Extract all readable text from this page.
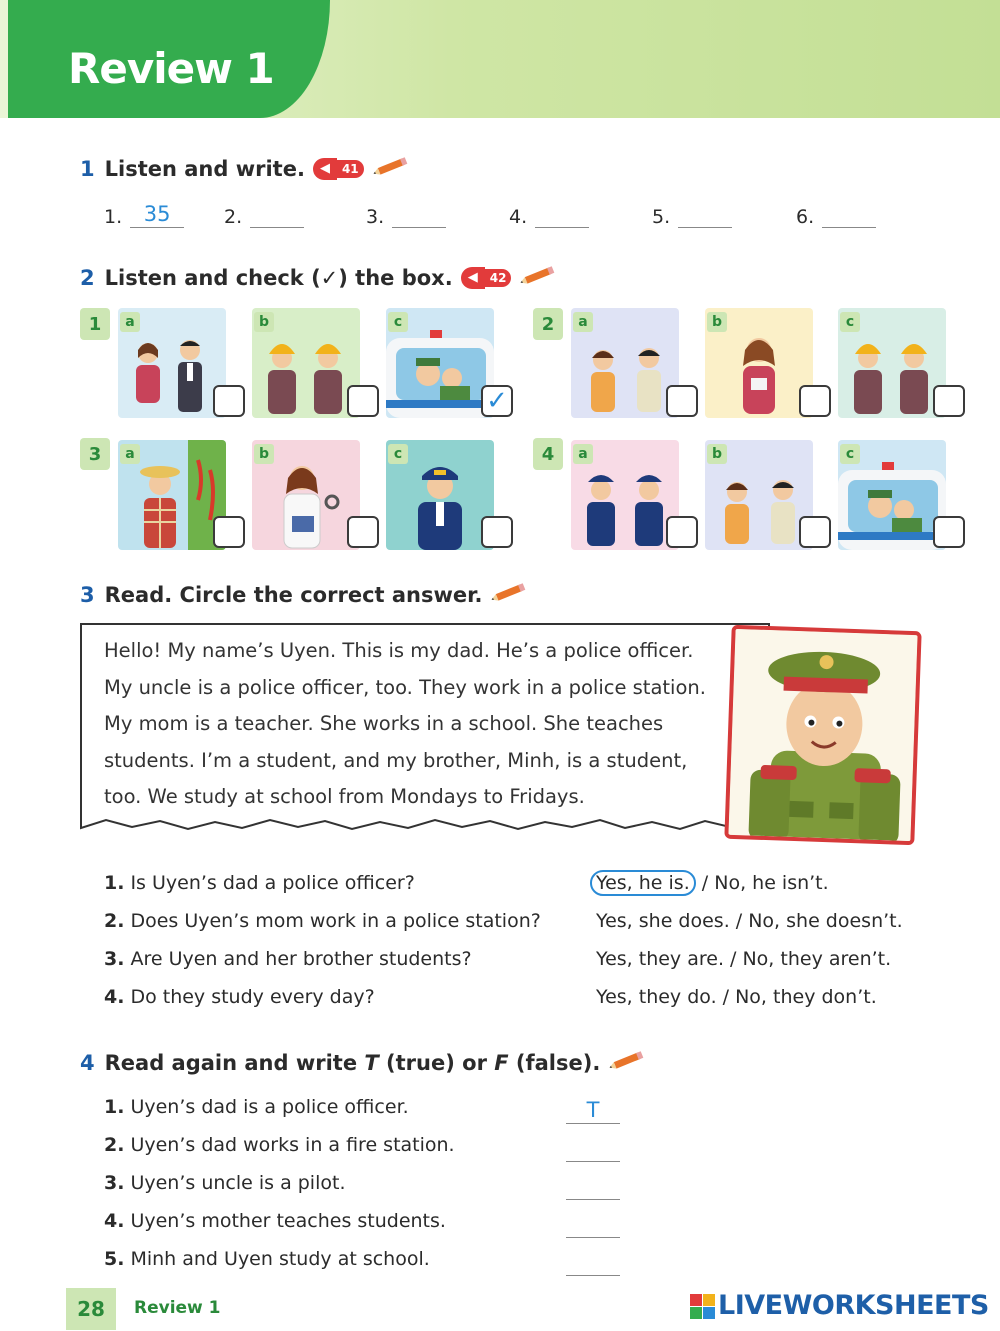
Review 1
1 Listen and write.	◀	41
1.	35	2.	3.	4.	5.	6.
2 Listen and check (✓) the box.	◀	42
1	2
3	4
a	b	c
✓
a	b	c
a	b	c	a	b	c
3 Read. Circle the correct answer.
Hello! My name’s Uyen. This is my dad. He’s a police officer.
My uncle is a police officer, too. They work in a police station.
My mom is a teacher. She works in a school. She teaches
students. I’m a student, and my brother, Minh, is a student,
too. We study at school from Mondays to Fridays.
1. Is Uyen’s dad a police officer?	Yes, he is. / No, he isn’t.
2. Does Uyen’s mom work in a police station?	Yes, she does. / No, she doesn’t.
3. Are Uyen and her brother students?	Yes, they are. / No, they aren’t.
4. Do they study every day?	Yes, they do. / No, they don’t.
4 Read again and write T (true) or F (false).
1. Uyen’s dad is a police officer.	T
2. Uyen’s dad works in a fire station.
3. Uyen’s uncle is a pilot.
4. Uyen’s mother teaches students.
5. Minh and Uyen study at school.
28	Review 1	LIVEWORKSHEETS
